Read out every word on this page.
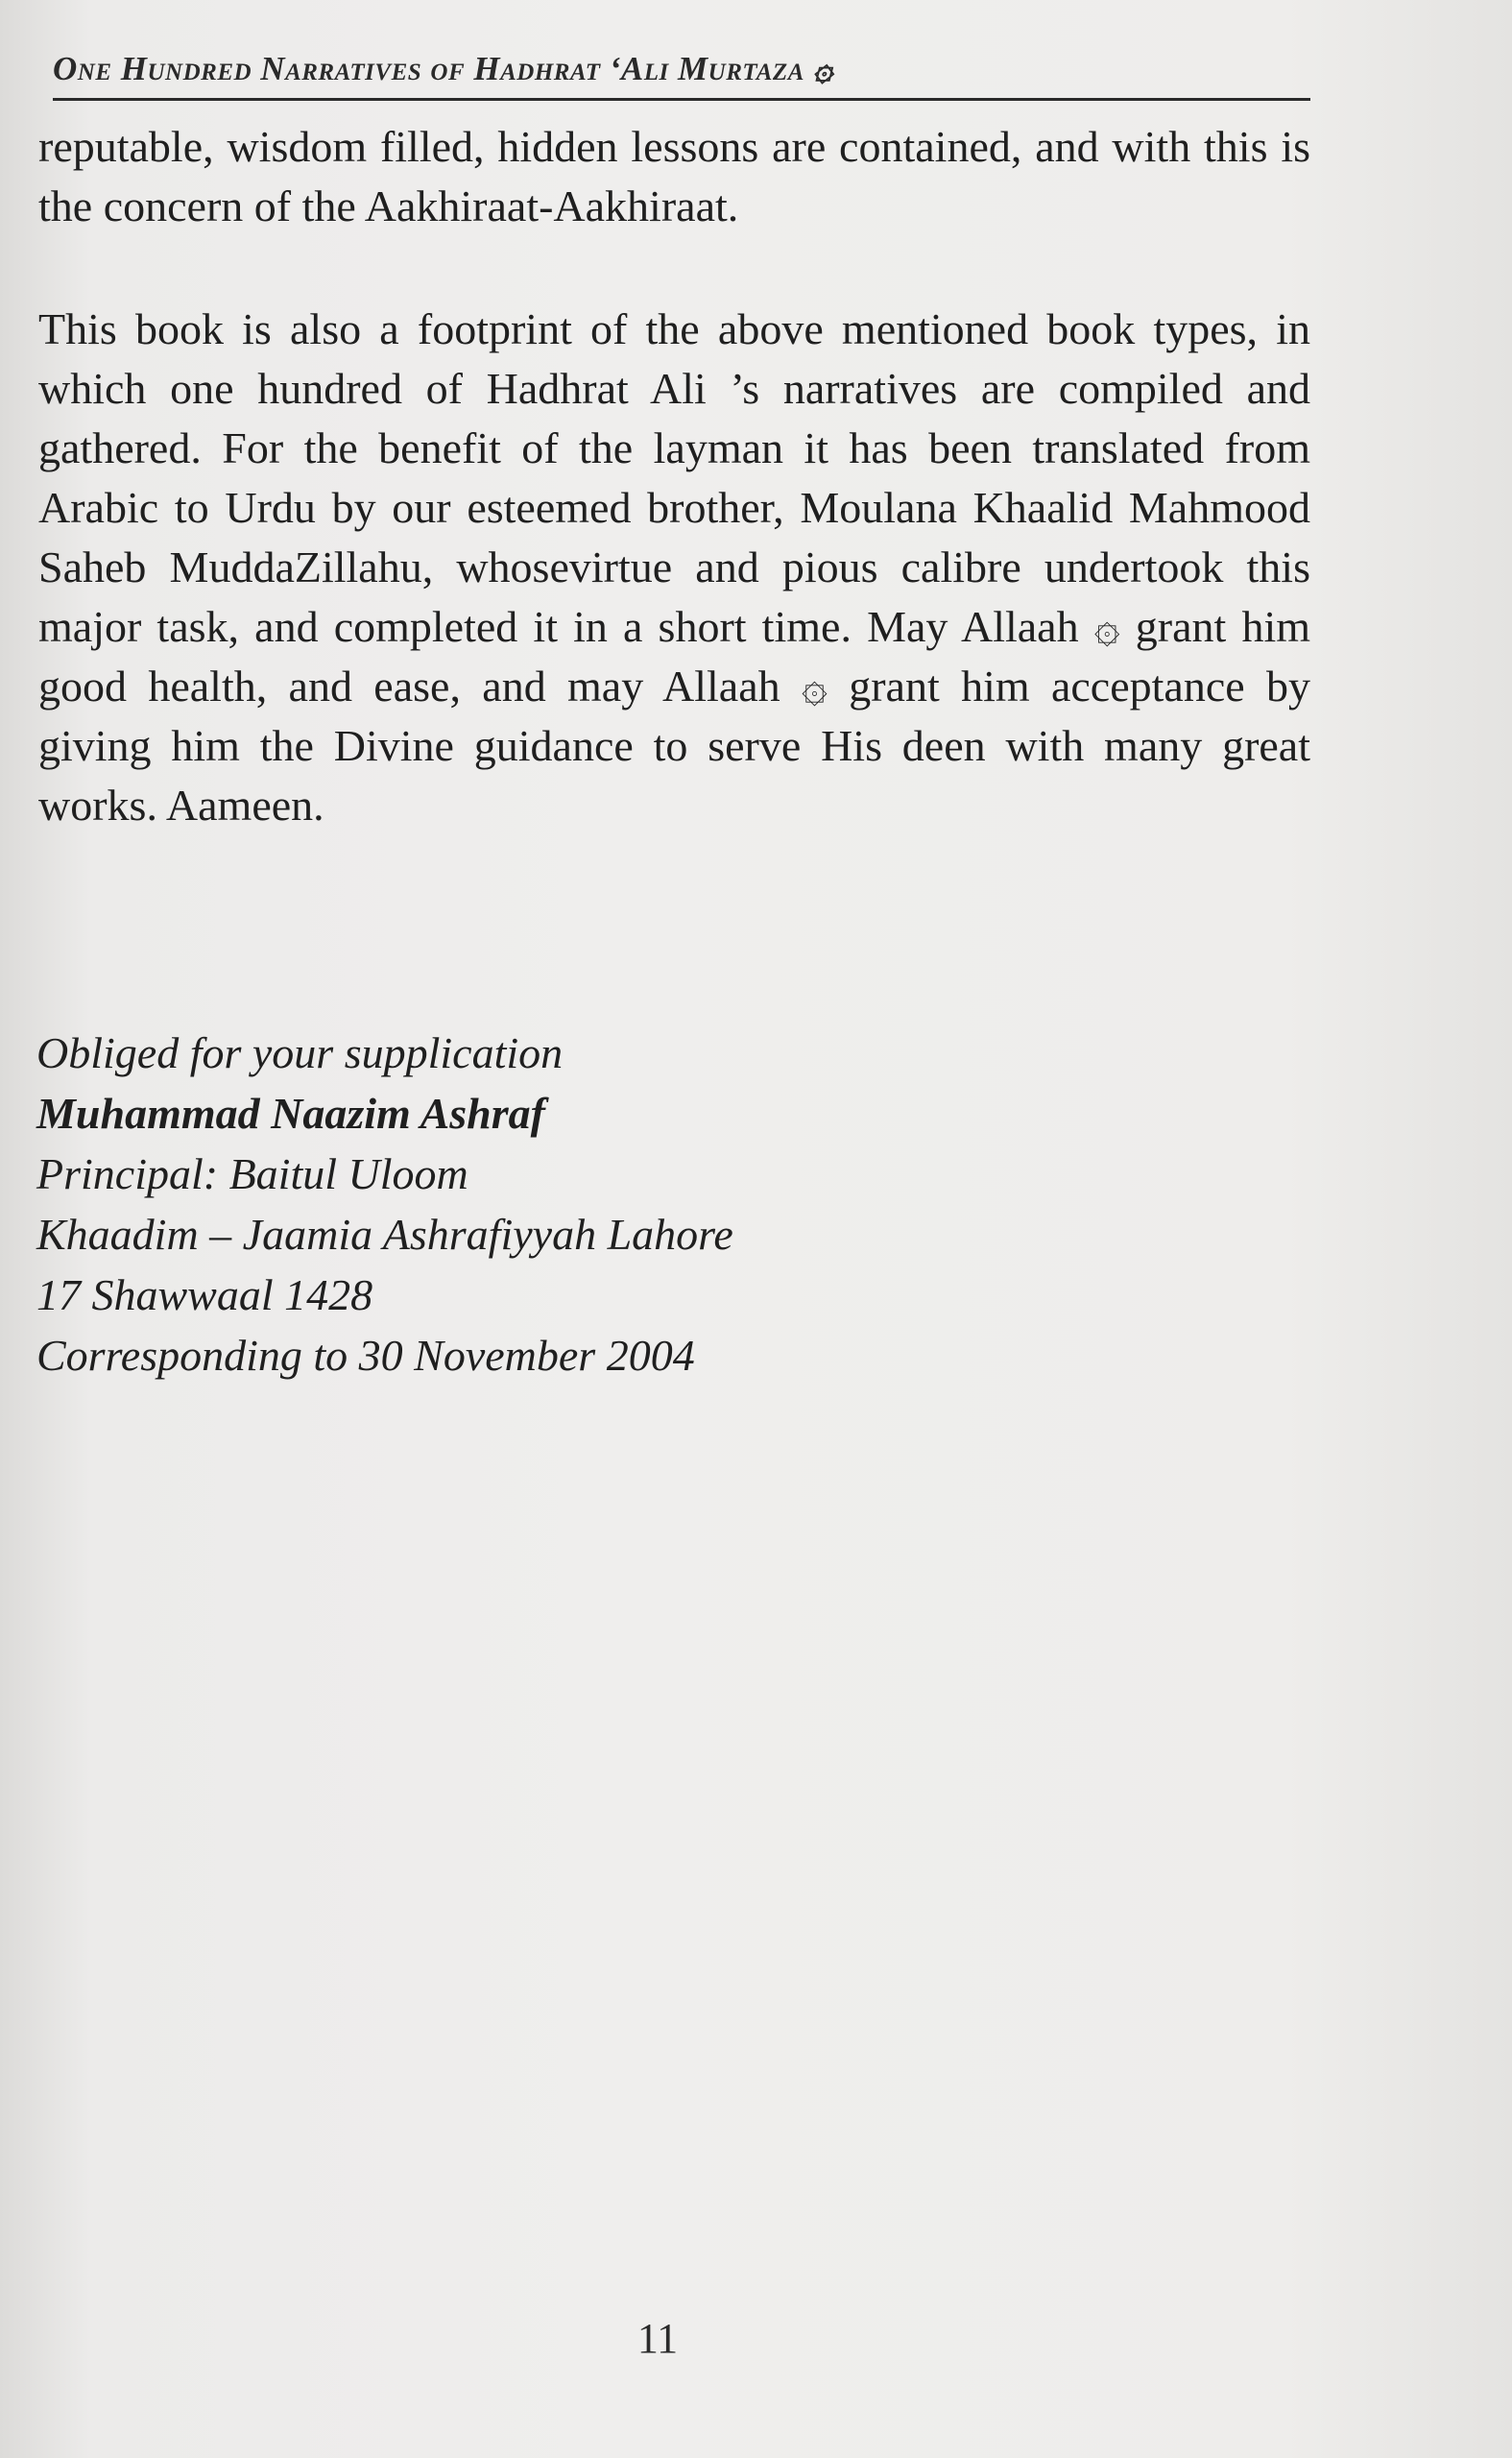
One Hundred Narratives of Hadhrat ‘Ali Murtaza ۞

reputable, wisdom filled, hidden lessons are contained, and with this is the concern of the Aakhiraat-Aakhiraat.

This book is also a footprint of the above mentioned book types, in which one hundred of Hadhrat Ali ’s narratives are compiled and gathered. For the benefit of the layman it has been translated from Arabic to Urdu by our esteemed brother, Moulana Khaalid Mahmood Saheb MuddaZillahu, whosevirtue and pious calibre undertook this major task, and completed it in a short time. May Allaah ۞ grant him good health, and ease, and may Allaah ۞ grant him acceptance by giving him the Divine guidance to serve His deen with many great works. Aameen.

Obliged for your supplication
Muhammad Naazim Ashraf
Principal: Baitul Uloom
Khaadim – Jaamia Ashrafiyyah Lahore
17 Shawwaal 1428
Corresponding to 30 November 2004
11
